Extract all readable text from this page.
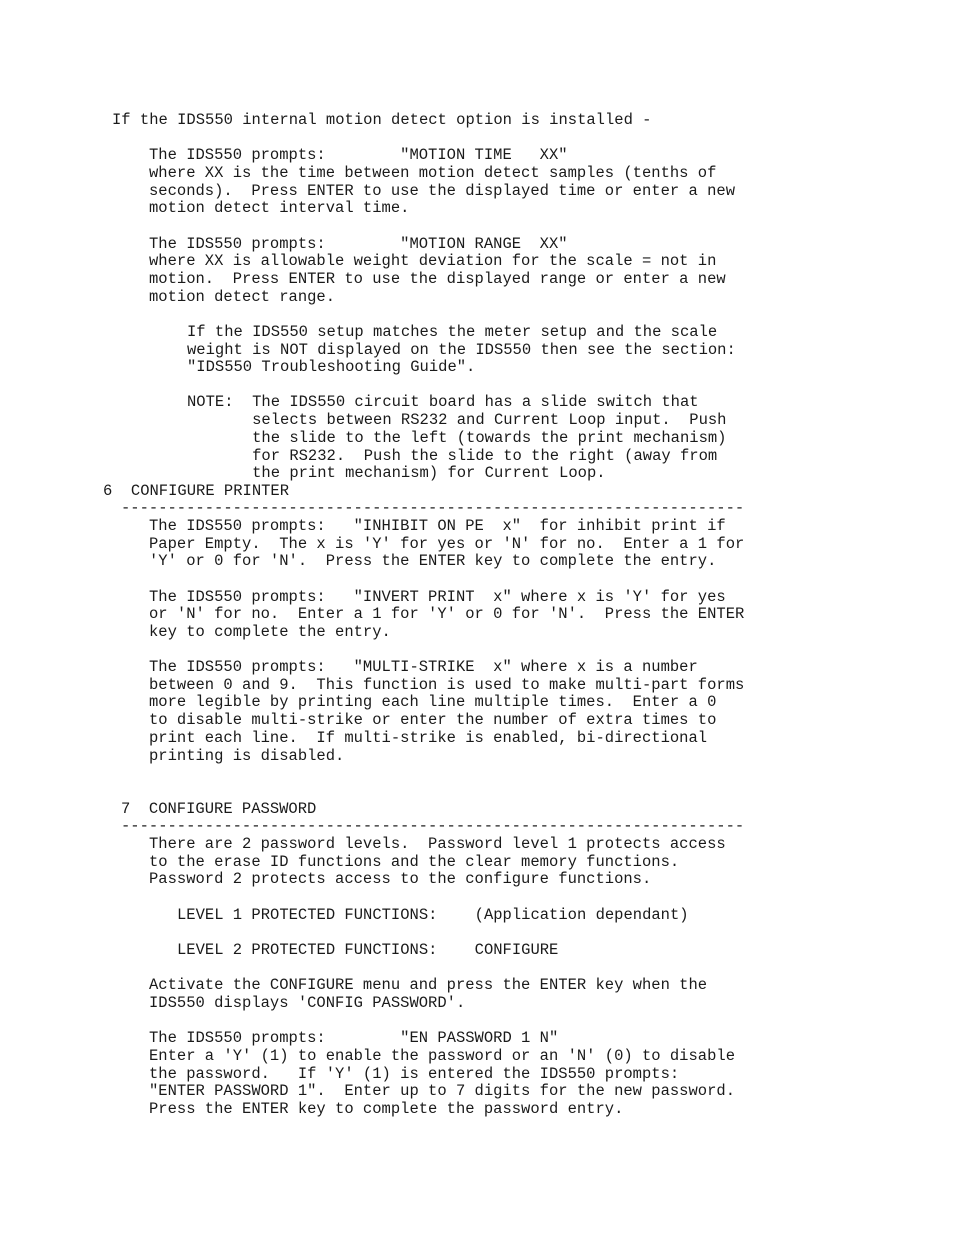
If the IDS550 internal motion detect option is installed -

The IDS550 prompts:        "MOTION TIME   XX"

where XX is the time between motion detect samples (tenths of

seconds).  Press ENTER to use the displayed time or enter a new

motion detect interval time.

The IDS550 prompts:        "MOTION RANGE  XX"

where XX is allowable weight deviation for the scale = not in

motion.  Press ENTER to use the displayed range or enter a new

motion detect range.

If the IDS550 setup matches the meter setup and the scale

weight is NOT displayed on the IDS550 then see the section:

"IDS550 Troubleshooting Guide".

NOTE:  The IDS550 circuit board has a slide switch that

selects between RS232 and Current Loop input.  Push

the slide to the left (towards the print mechanism)

for RS232.  Push the slide to the right (away from

the print mechanism) for Current Loop.

6  CONFIGURE PRINTER

-------------------------------------------------------------------

The IDS550 prompts:   "INHIBIT ON PE  x"  for inhibit print if

Paper Empty.  The x is 'Y' for yes or 'N' for no.  Enter a 1 for

'Y' or 0 for 'N'.  Press the ENTER key to complete the entry.

The IDS550 prompts:   "INVERT PRINT  x" where x is 'Y' for yes

or 'N' for no.  Enter a 1 for 'Y' or 0 for 'N'.  Press the ENTER

key to complete the entry.

The IDS550 prompts:   "MULTI-STRIKE  x" where x is a number

between 0 and 9.  This function is used to make multi-part forms

more legible by printing each line multiple times.  Enter a 0

to disable multi-strike or enter the number of extra times to

print each line.  If multi-strike is enabled, bi-directional

printing is disabled.

7  CONFIGURE PASSWORD

-------------------------------------------------------------------

There are 2 password levels.  Password level 1 protects access

to the erase ID functions and the clear memory functions.

Password 2 protects access to the configure functions.

LEVEL 1 PROTECTED FUNCTIONS:    (Application dependant)

LEVEL 2 PROTECTED FUNCTIONS:    CONFIGURE

Activate the CONFIGURE menu and press the ENTER key when the

IDS550 displays 'CONFIG PASSWORD'.

The IDS550 prompts:        "EN PASSWORD 1 N"

Enter a 'Y' (1) to enable the password or an 'N' (0) to disable

the password.   If 'Y' (1) is entered the IDS550 prompts:

"ENTER PASSWORD 1".  Enter up to 7 digits for the new password.

Press the ENTER key to complete the password entry.
